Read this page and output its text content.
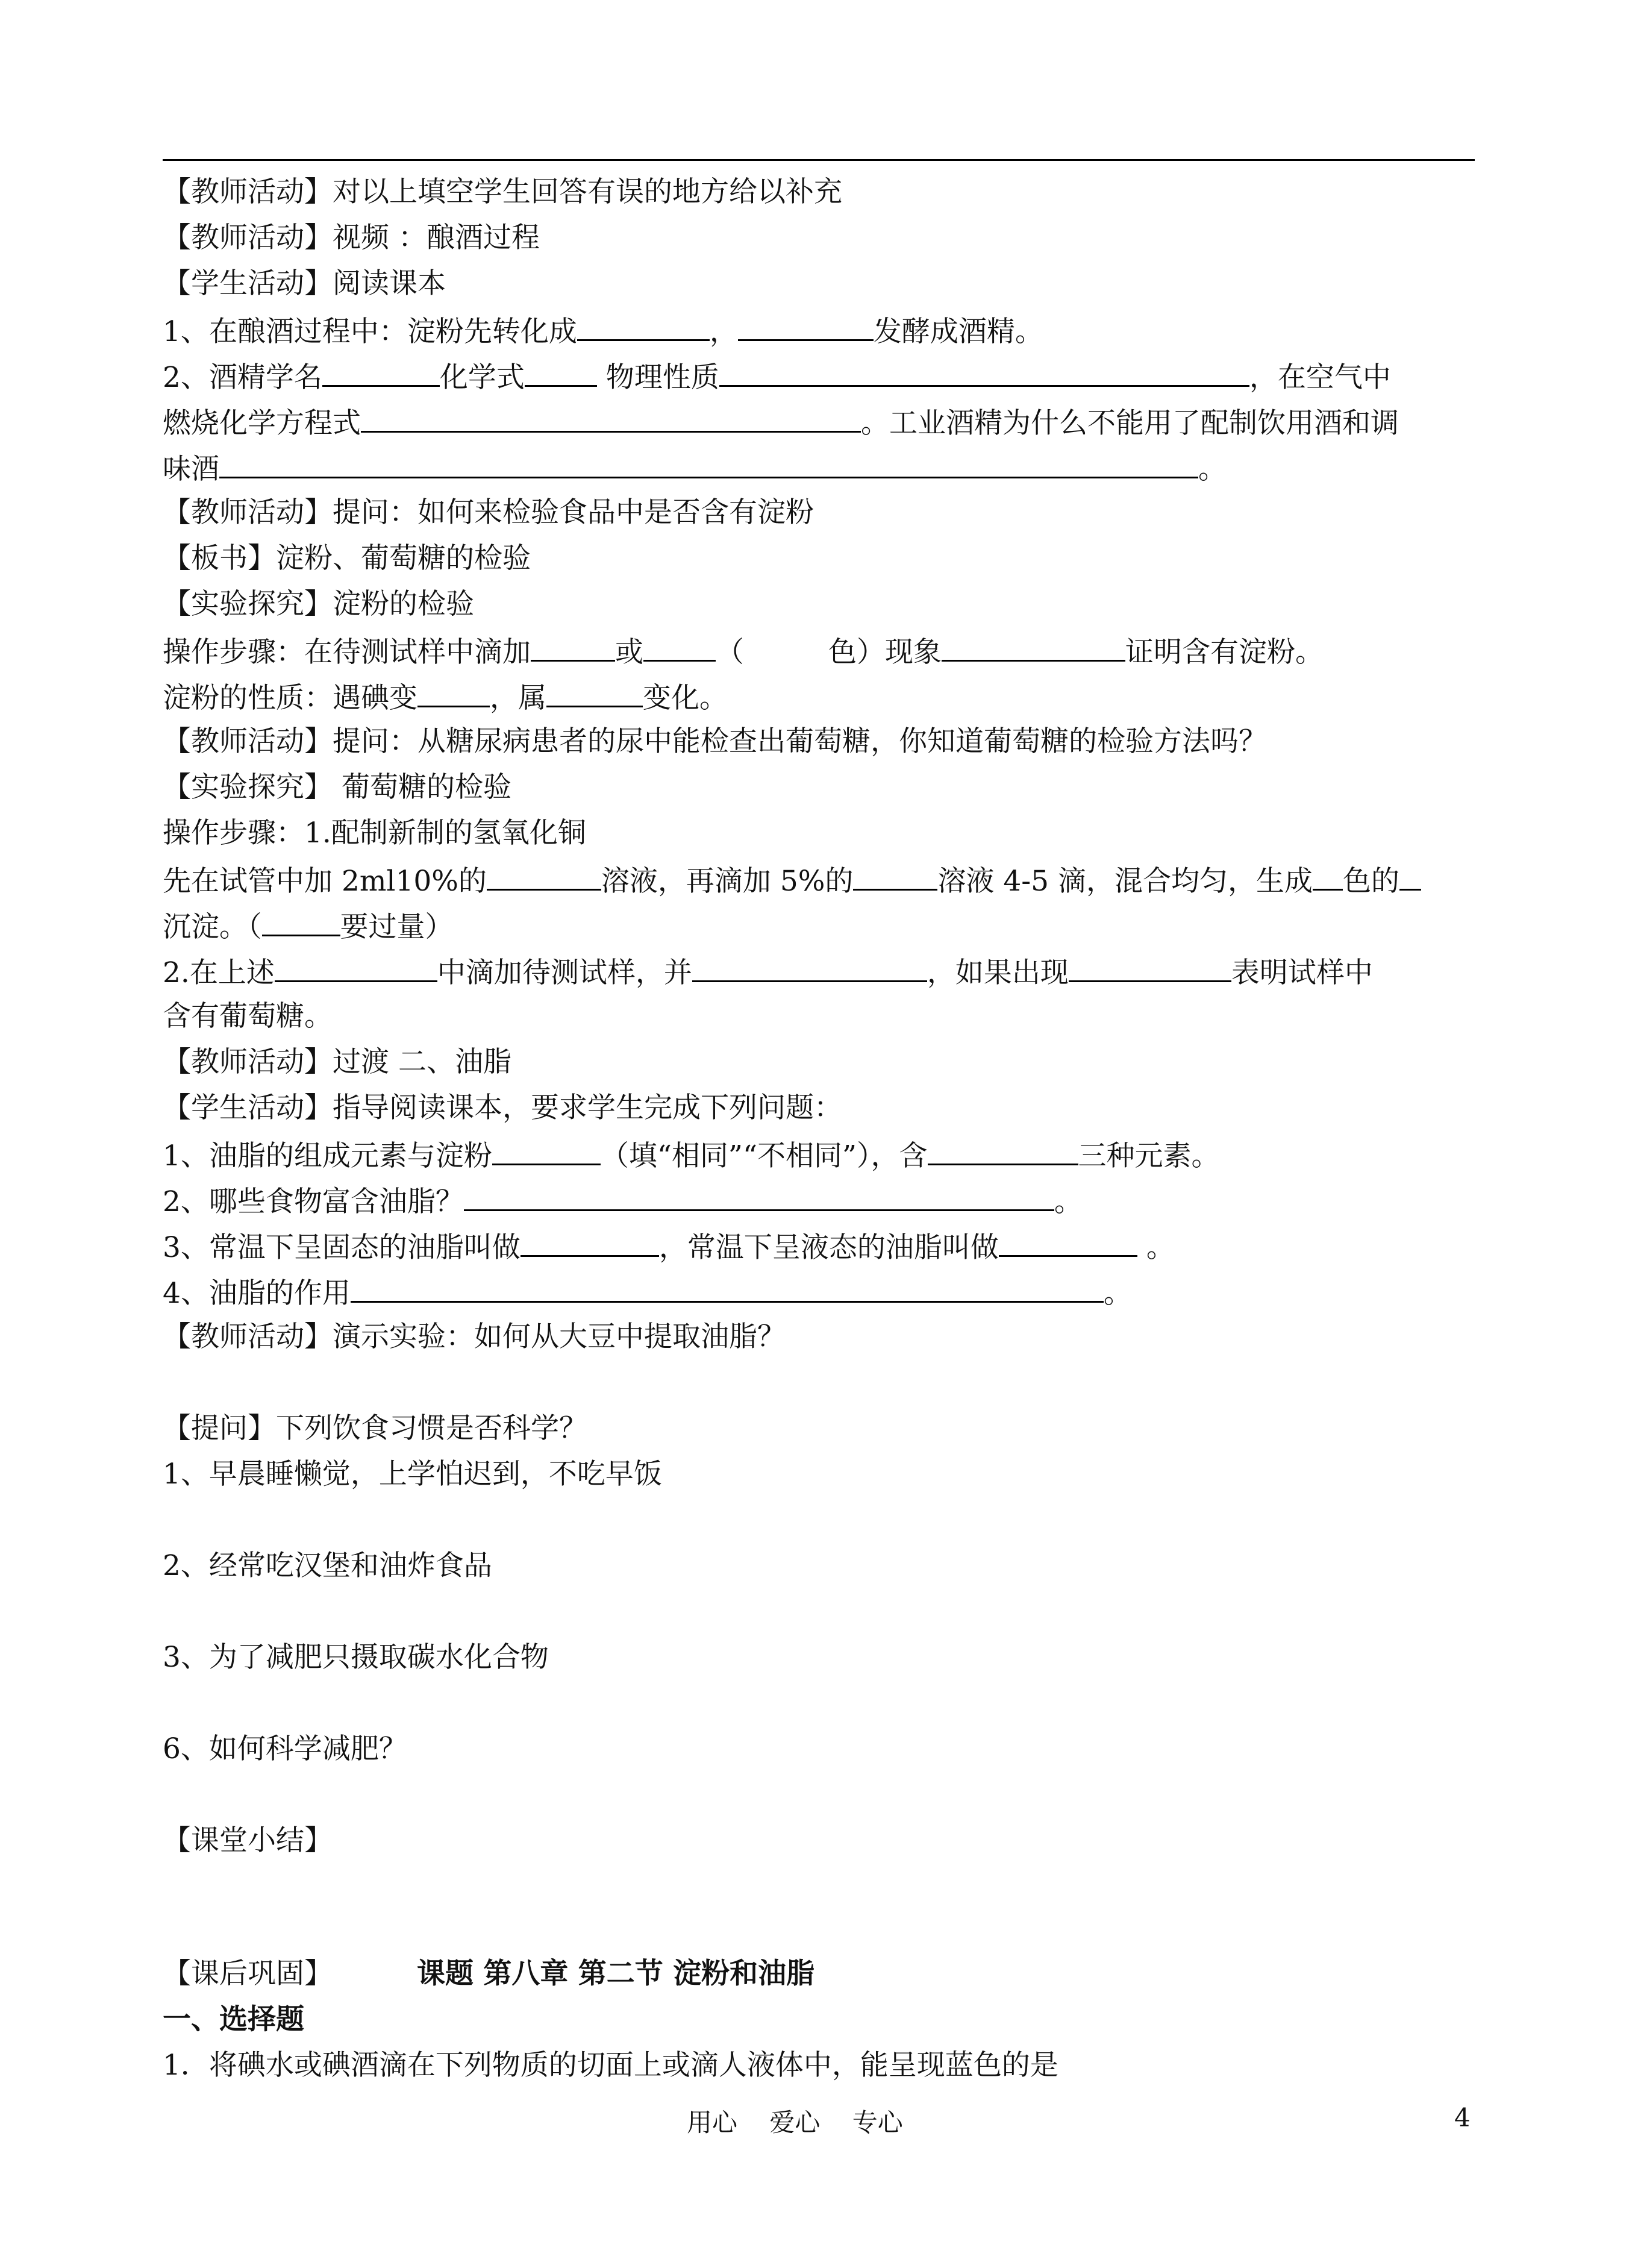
【教师活动】对以上填空学生回答有误的地方给以补充
【教师活动】视频 ：酿酒过程
【学生活动】阅读课本
1、在酿酒过程中：淀粉先转化成	，	发酵成酒精。
2、酒精学名	化学式	物理性质	，在空气中
燃烧化学方程式	。工业酒精为什么不能用了配制饮用酒和调
味酒	。
【教师活动】提问：如何来检验食品中是否含有淀粉
【板书】淀粉、葡萄糖的检验
【实验探究】淀粉的检验
操作步骤：在待测试样中滴加	或	（	色）现象	证明含有淀粉。
淀粉的性质：遇碘变	，属	变化。
【教师活动】提问：从糖尿病患者的尿中能检查出葡萄糖，你知道葡萄糖的检验方法吗？
【实验探究】 葡萄糖的检验
操作步骤：1.配制新制的氢氧化铜
先在试管中加 2ml10%的	溶液，再滴加 5%的	溶液 4-5 滴，混合均匀，生成 色的
沉淀。（	要过量）
2.在上述	中滴加待测试样，并	，如果出现	表明试样中
含有葡萄糖。
【教师活动】过渡 二、油脂
【学生活动】指导阅读课本，要求学生完成下列问题：
1、油脂的组成元素与淀粉	（填“相同”“不相同”），含	三种元素。
2、哪些食物富含油脂？	。
3、常温下呈固态的油脂叫做	，常温下呈液态的油脂叫做	。
4、油脂的作用	。
【教师活动】演示实验：如何从大豆中提取油脂？
【提问】下列饮食习惯是否科学？
1、早晨睡懒觉，上学怕迟到，不吃早饭
2、经常吃汉堡和油炸食品
3、为了减肥只摄取碳水化合物
6、如何科学减肥？
【课堂小结】
【课后巩固】	课题 第八章 第二节 淀粉和油脂
一、选择题
1．将碘水或碘酒滴在下列物质的切面上或滴人液体中，能呈现蓝色的是
用心    爱心    专心	4
